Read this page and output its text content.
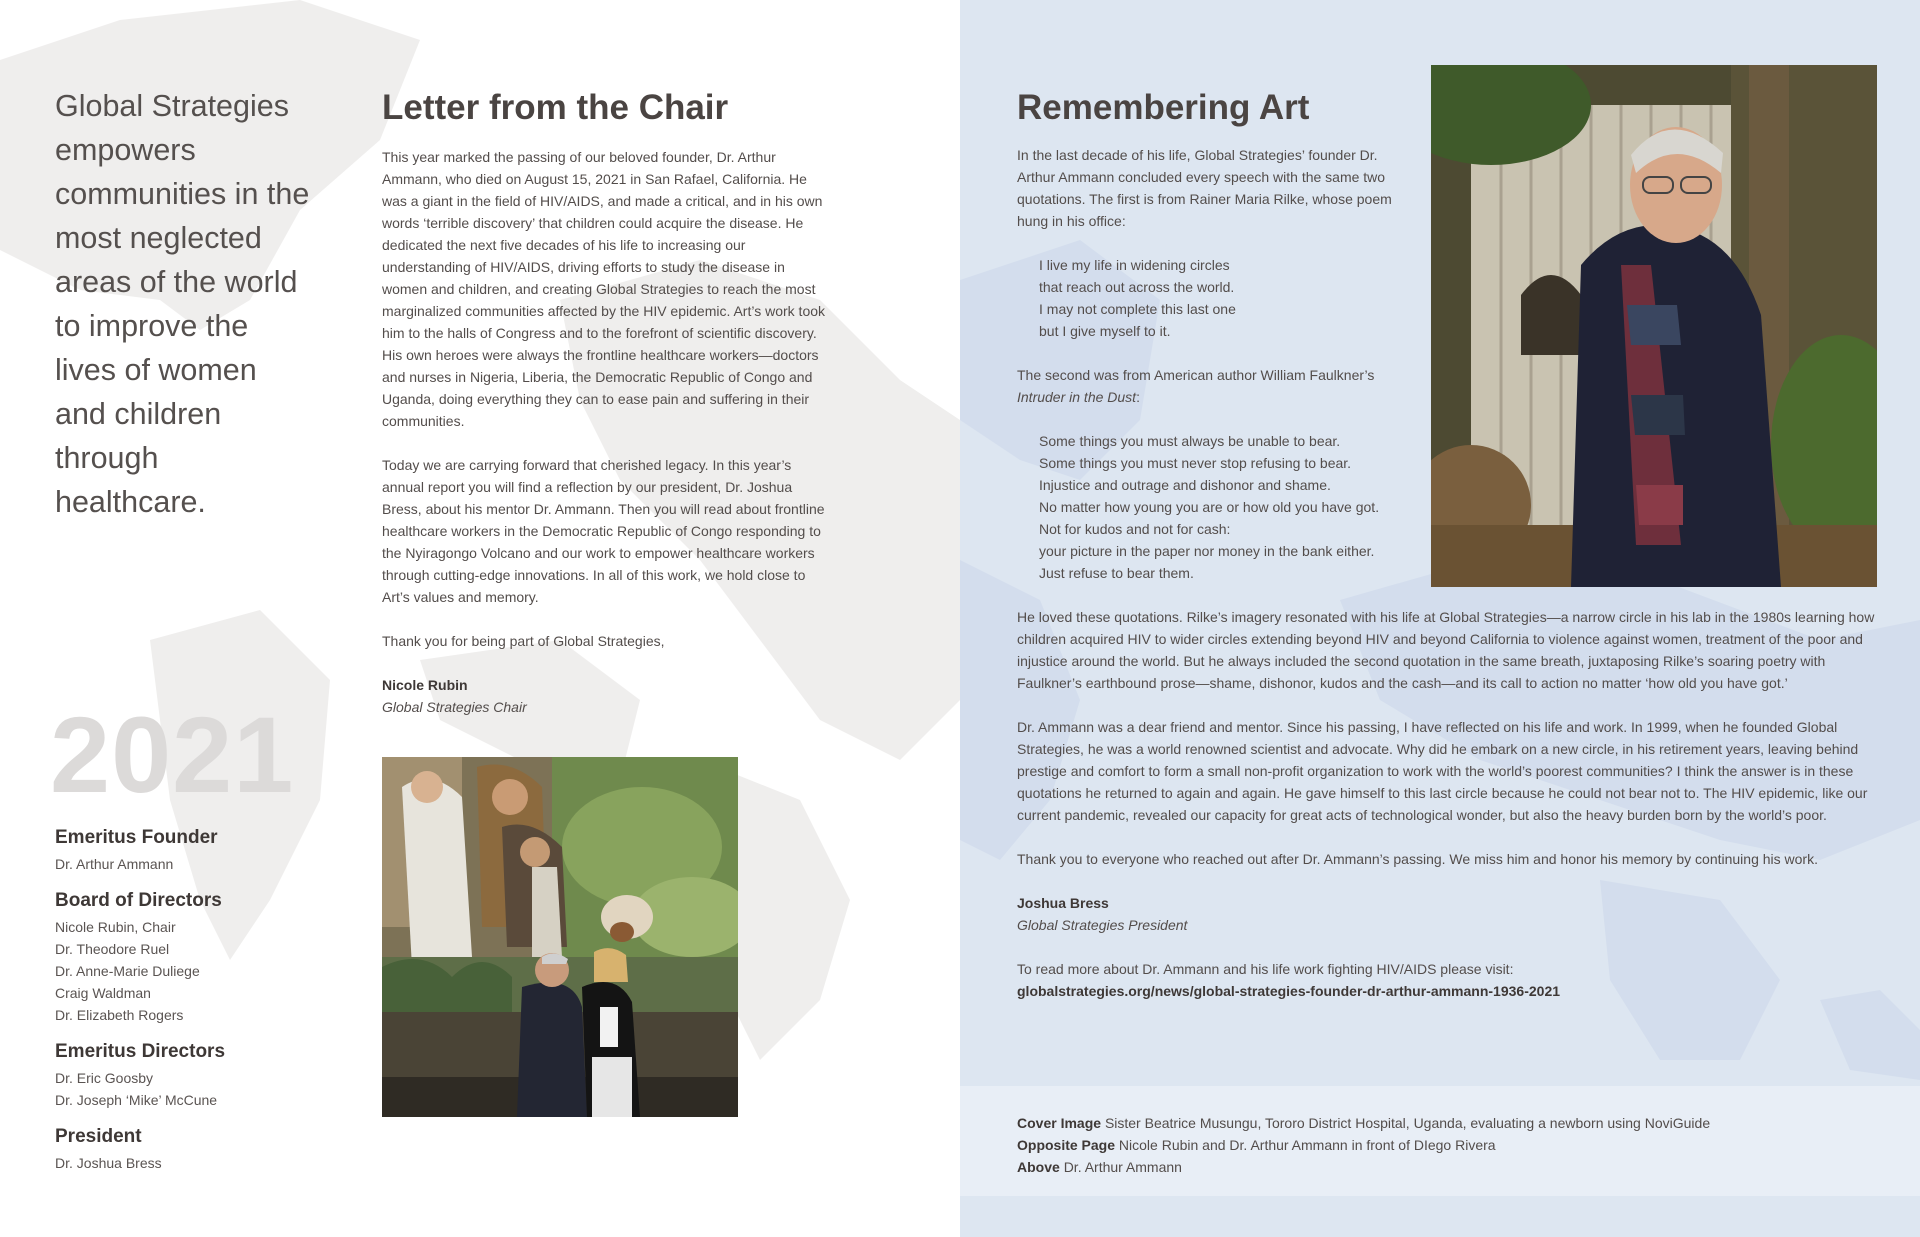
Global Strategies empowers communities in the most neglected areas of the world to improve the lives of women and children through healthcare.

2021
Emeritus Founder
Dr. Arthur Ammann
Board of Directors
Nicole Rubin, Chair
Dr. Theodore Ruel
Dr. Anne-Marie Duliege
Craig Waldman
Dr. Elizabeth Rogers
Emeritus Directors
Dr. Eric Goosby
Dr. Joseph ‘Mike’ McCune
President
Dr. Joshua Bress
Letter from the Chair

This year marked the passing of our beloved founder, Dr. Arthur Ammann, who died on August 15, 2021 in San Rafael, California. He was a giant in the field of HIV/AIDS, and made a critical, and in his own words ‘terrible discovery’ that children could acquire the disease. He dedicated the next five decades of his life to increasing our understanding of HIV/AIDS, driving efforts to study the disease in women and children, and creating Global Strategies to reach the most marginalized communities affected by the HIV epidemic. Art’s work took him to the halls of Congress and to the forefront of scientific discovery. His own heroes were always the frontline healthcare workers—doctors and nurses in Nigeria, Liberia, the Democratic Republic of Congo and Uganda, doing everything they can to ease pain and suffering in their communities.

Today we are carrying forward that cherished legacy. In this year’s annual report you will find a reflection by our president, Dr. Joshua Bress, about his mentor Dr. Ammann. Then you will read about frontline healthcare workers in the Democratic Republic of Congo responding to the Nyiragongo Volcano and our work to empower healthcare workers through cutting-edge innovations. In all of this work, we hold close to Art’s values and memory.

Thank you for being part of Global Strategies,

Nicole Rubin
Global Strategies Chair

Remembering Art

In the last decade of his life, Global Strategies’ founder Dr. Arthur Ammann concluded every speech with the same two quotations. The first is from Rainer Maria Rilke, whose poem hung in his office:

I live my life in widening circles
that reach out across the world.
I may not complete this last one
but I give myself to it.

The second was from American author William Faulkner’s
Intruder in the Dust:

Some things you must always be unable to bear.
Some things you must never stop refusing to bear.
Injustice and outrage and dishonor and shame.
No matter how young you are or how old you have got.
Not for kudos and not for cash:
your picture in the paper nor money in the bank either.
Just refuse to bear them.

He loved these quotations. Rilke’s imagery resonated with his life at Global Strategies—a narrow circle in his lab in the 1980s learning how children acquired HIV to wider circles extending beyond HIV and beyond California to violence against women, treatment of the poor and injustice around the world. But he always included the second quotation in the same breath, juxtaposing Rilke’s soaring poetry with Faulkner’s earthbound prose—shame, dishonor, kudos and the cash—and its call to action no matter ‘how old you have got.’

Dr. Ammann was a dear friend and mentor. Since his passing, I have reflected on his life and work. In 1999, when he founded Global Strategies, he was a world renowned scientist and advocate. Why did he embark on a new circle, in his retirement years, leaving behind prestige and comfort to form a small non-profit organization to work with the world’s poorest communities? I think the answer is in these quotations he returned to again and again. He gave himself to this last circle because he could not bear not to. The HIV epidemic, like our current pandemic, revealed our capacity for great acts of technological wonder, but also the heavy burden born by the world’s poor.

Thank you to everyone who reached out after Dr. Ammann’s passing. We miss him and honor his memory by continuing his work.

Joshua Bress
Global Strategies President

To read more about Dr. Ammann and his life work fighting HIV/AIDS please visit:
globalstrategies.org/news/global-strategies-founder-dr-arthur-ammann-1936-2021

Cover Image Sister Beatrice Musungu, Tororo District Hospital, Uganda, evaluating a newborn using NoviGuide
Opposite Page Nicole Rubin and Dr. Arthur Ammann in front of DIego Rivera
Above Dr. Arthur Ammann
